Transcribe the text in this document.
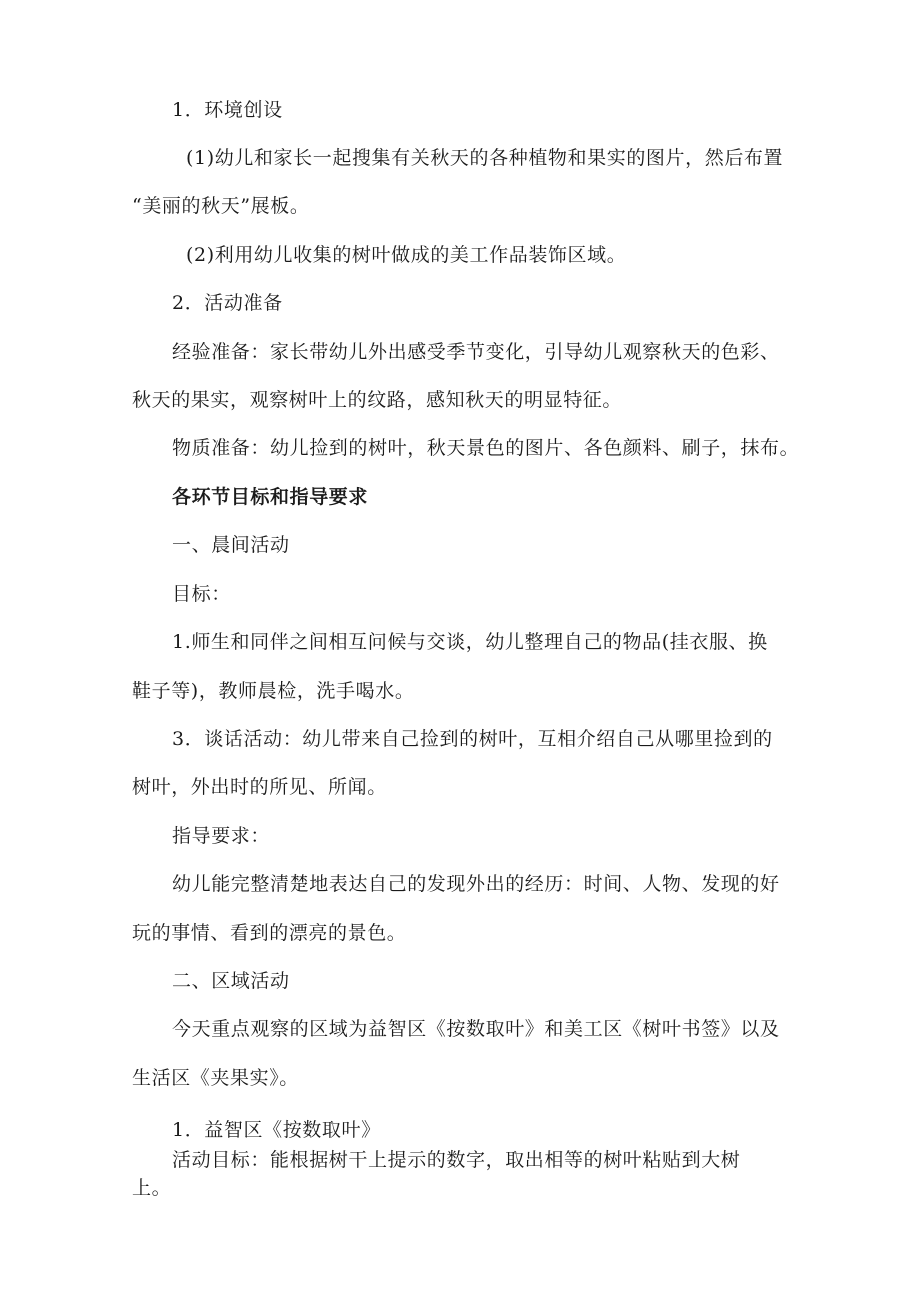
1．环境创设
(1)幼儿和家长一起搜集有关秋天的各种植物和果实的图片，然后布置
“美丽的秋天”展板。
(2)利用幼儿收集的树叶做成的美工作品装饰区域。
2．活动准备
经验准备：家长带幼儿外出感受季节变化，引导幼儿观察秋天的色彩、
秋天的果实，观察树叶上的纹路，感知秋天的明显特征。
物质准备：幼儿捡到的树叶，秋天景色的图片、各色颜料、刷子，抹布。
各环节目标和指导要求
一、晨间活动
目标：
1.师生和同伴之间相互问候与交谈，幼儿整理自己的物品(挂衣服、换
鞋子等)，教师晨检，洗手喝水。
3．谈话活动：幼儿带来自己捡到的树叶，互相介绍自己从哪里捡到的
树叶，外出时的所见、所闻。
指导要求：
幼儿能完整清楚地表达自己的发现外出的经历：时间、人物、发现的好
玩的事情、看到的漂亮的景色。
二、区域活动
今天重点观察的区域为益智区《按数取叶》和美工区《树叶书签》以及
生活区《夹果实》。
1．益智区《按数取叶》
活动目标：能根据树干上提示的数字，取出相等的树叶粘贴到大树
上。
